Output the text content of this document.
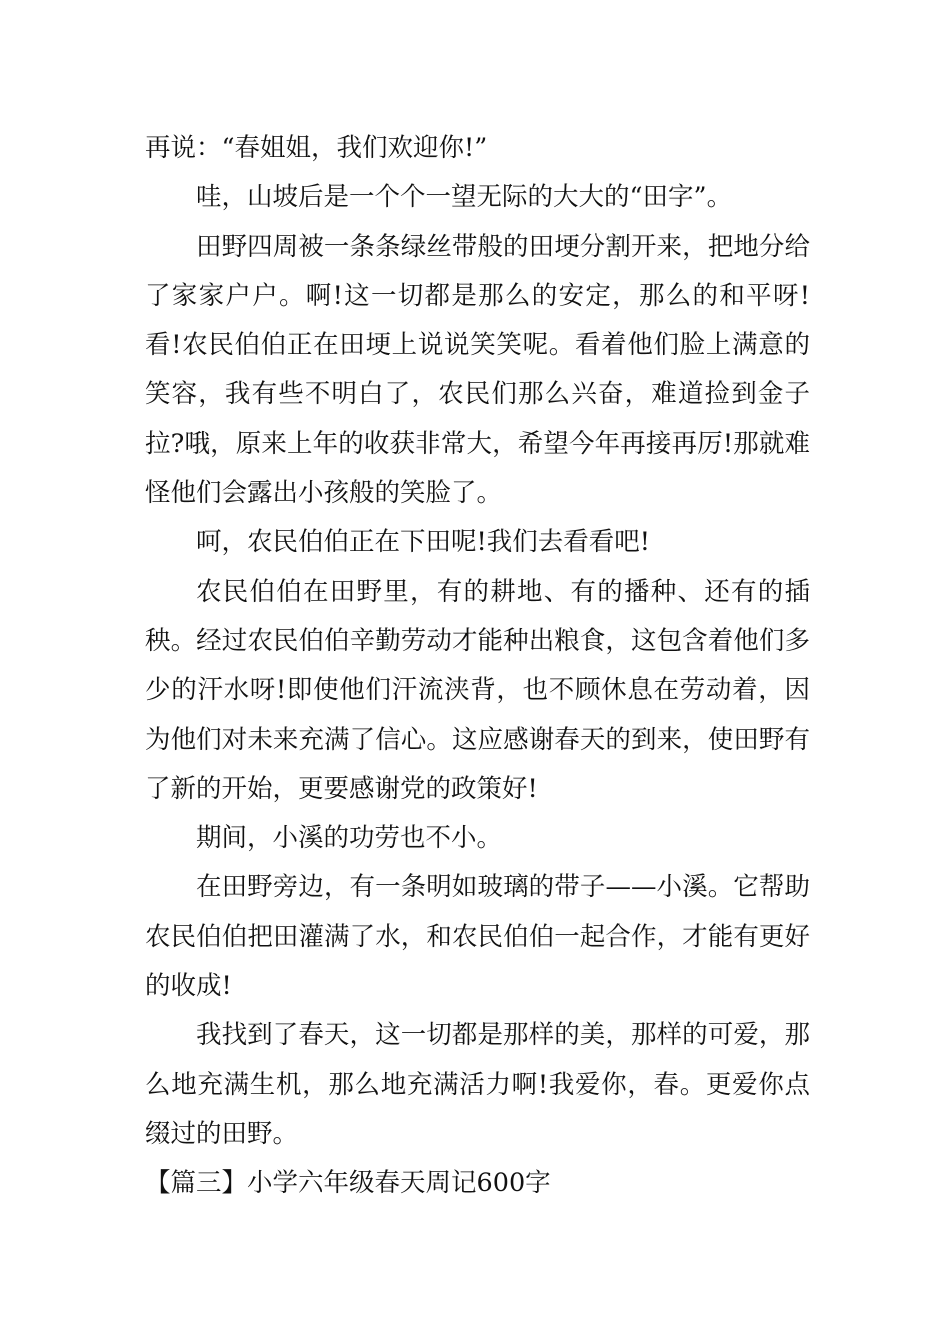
再说：“春姐姐，我们欢迎你!”

哇，山坡后是一个个一望无际的大大的“田字”。

田野四周被一条条绿丝带般的田埂分割开来，把地分给了家家户户。啊!这一切都是那么的安定，那么的和平呀!看!农民伯伯正在田埂上说说笑笑呢。看着他们脸上满意的笑容，我有些不明白了，农民们那么兴奋，难道捡到金子拉?哦，原来上年的收获非常大，希望今年再接再厉!那就难怪他们会露出小孩般的笑脸了。

呵，农民伯伯正在下田呢!我们去看看吧!

农民伯伯在田野里，有的耕地、有的播种、还有的插秧。经过农民伯伯辛勤劳动才能种出粮食，这包含着他们多少的汗水呀!即使他们汗流浃背，也不顾休息在劳动着，因为他们对未来充满了信心。这应感谢春天的到来，使田野有了新的开始，更要感谢党的政策好!

期间，小溪的功劳也不小。

在田野旁边，有一条明如玻璃的带子——小溪。它帮助农民伯伯把田灌满了水，和农民伯伯一起合作，才能有更好的收成!

我找到了春天，这一切都是那样的美，那样的可爱，那么地充满生机，那么地充满活力啊!我爱你，春。更爱你点缀过的田野。

【篇三】小学六年级春天周记600字
